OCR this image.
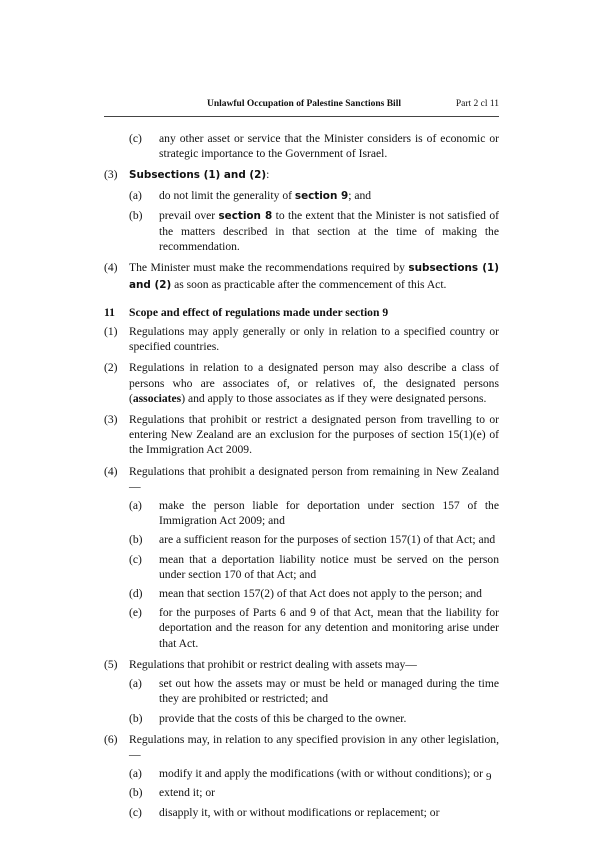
Unlawful Occupation of Palestine Sanctions Bill	Part 2 cl 11
(c)	any other asset or service that the Minister considers is of economic or strategic importance to the Government of Israel.
(3)	Subsections (1) and (2):
(a)	do not limit the generality of section 9; and
(b)	prevail over section 8 to the extent that the Minister is not satisfied of the matters described in that section at the time of making the recommendation.
(4) The Minister must make the recommendations required by subsections (1) and (2) as soon as practicable after the commencement of this Act.
11	Scope and effect of regulations made under section 9
(1) Regulations may apply generally or only in relation to a specified country or specified countries.
(2) Regulations in relation to a designated person may also describe a class of persons who are associates of, or relatives of, the designated persons (associates) and apply to those associates as if they were designated persons.
(3) Regulations that prohibit or restrict a designated person from travelling to or entering New Zealand are an exclusion for the purposes of section 15(1)(e) of the Immigration Act 2009.
(4) Regulations that prohibit a designated person from remaining in New Zealand—
(a)	make the person liable for deportation under section 157 of the Immigration Act 2009; and
(b)	are a sufficient reason for the purposes of section 157(1) of that Act; and
(c)	mean that a deportation liability notice must be served on the person under section 170 of that Act; and
(d)	mean that section 157(2) of that Act does not apply to the person; and
(e)	for the purposes of Parts 6 and 9 of that Act, mean that the liability for deportation and the reason for any detention and monitoring arise under that Act.
(5) Regulations that prohibit or restrict dealing with assets may—
(a)	set out how the assets may or must be held or managed during the time they are prohibited or restricted; and
(b)	provide that the costs of this be charged to the owner.
(6) Regulations may, in relation to any specified provision in any other legislation,—
(a)	modify it and apply the modifications (with or without conditions); or
(b)	extend it; or
(c)	disapply it, with or without modifications or replacement; or
9
